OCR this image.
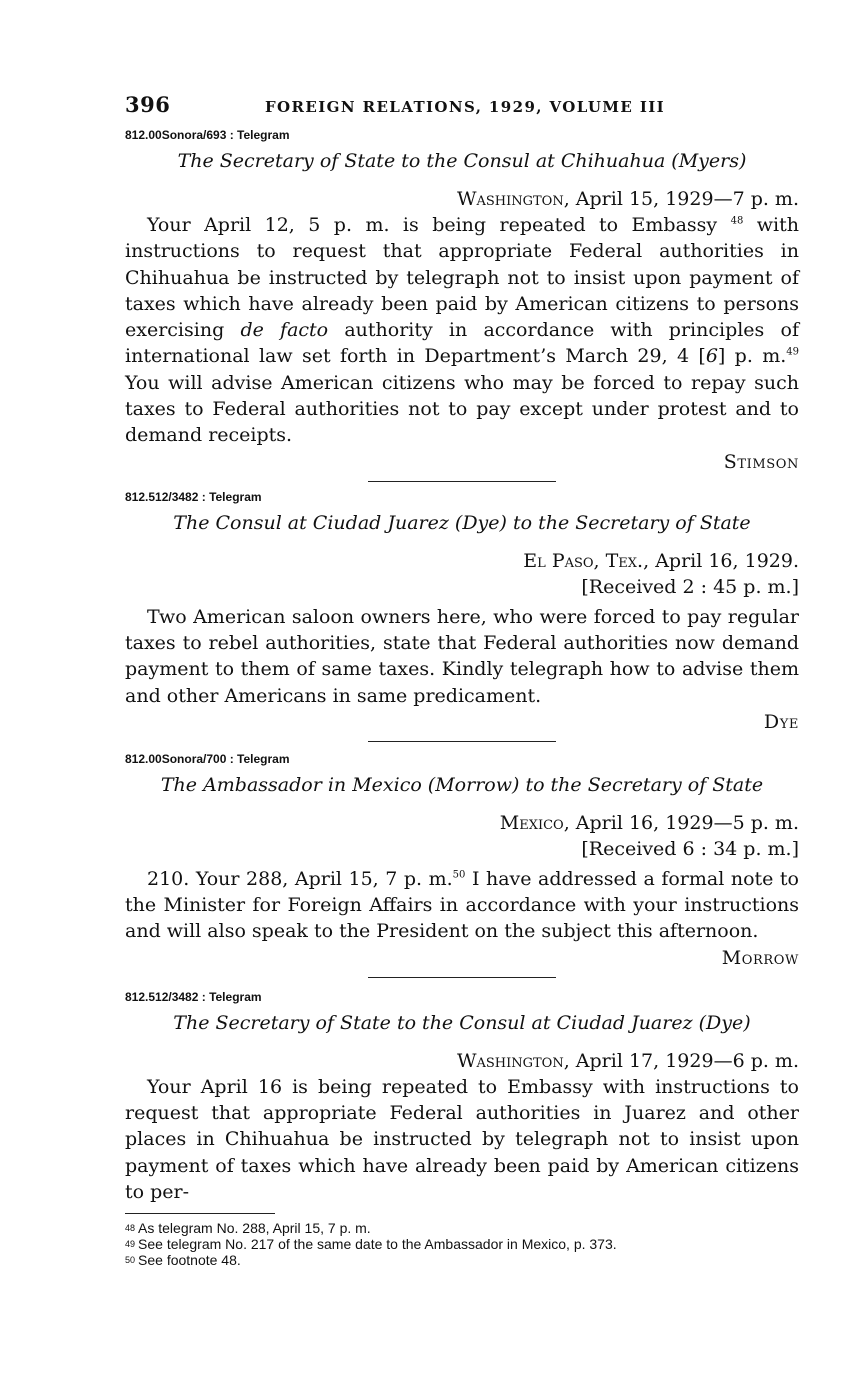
396	FOREIGN RELATIONS, 1929, VOLUME III
812.00Sonora/693 : Telegram
The Secretary of State to the Consul at Chihuahua (Myers)
Washington, April 15, 1929—7 p. m.
Your April 12, 5 p. m. is being repeated to Embassy $^{48}$ with instructions to request that appropriate Federal authorities in Chihuahua be instructed by telegraph not to insist upon payment of taxes which have already been paid by American citizens to persons exercising de facto authority in accordance with principles of international law set forth in Department’s March 29, 4 [6] p. m.$^{49}$ You will advise American citizens who may be forced to repay such taxes to Federal authorities not to pay except under protest and to demand receipts.
Stimson
812.512/3482 : Telegram
The Consul at Ciudad Juarez (Dye) to the Secretary of State
El Paso, Tex., April 16, 1929.
[Received 2 : 45 p. m.]
Two American saloon owners here, who were forced to pay regular taxes to rebel authorities, state that Federal authorities now demand payment to them of same taxes. Kindly telegraph how to advise them and other Americans in same predicament.
Dye
812.00Sonora/700 : Telegram
The Ambassador in Mexico (Morrow) to the Secretary of State
Mexico, April 16, 1929—5 p. m.
[Received 6 : 34 p. m.]
210. Your 288, April 15, 7 p. m.$^{50}$ I have addressed a formal note to the Minister for Foreign Affairs in accordance with your instructions and will also speak to the President on the subject this afternoon.
Morrow
812.512/3482 : Telegram
The Secretary of State to the Consul at Ciudad Juarez (Dye)
Washington, April 17, 1929—6 p. m.
Your April 16 is being repeated to Embassy with instructions to request that appropriate Federal authorities in Juarez and other places in Chihuahua be instructed by telegraph not to insist upon payment of taxes which have already been paid by American citizens to per-
48 As telegram No. 288, April 15, 7 p. m.
49 See telegram No. 217 of the same date to the Ambassador in Mexico, p. 373.
50 See footnote 48.
